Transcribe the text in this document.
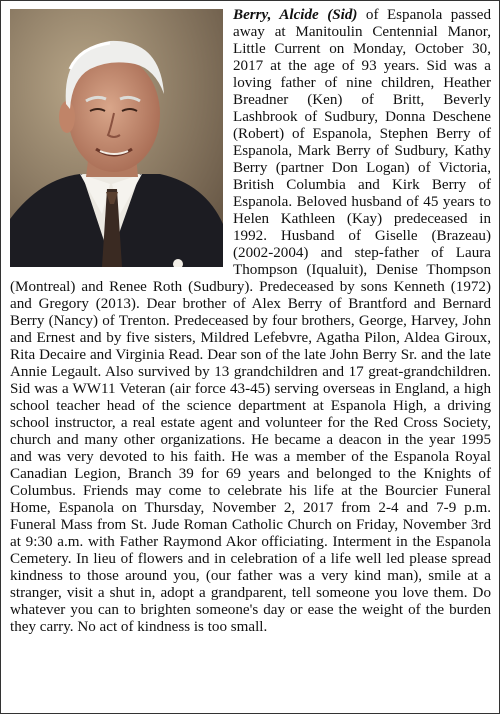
Berry, Alcide (Sid) of Espanola passed away at Manitoulin Centennial Manor, Little Current on Monday, October 30, 2017 at the age of 93 years. Sid was a loving father of nine children, Heather Breadner (Ken) of Britt, Beverly Lashbrook of Sudbury, Donna Deschene (Robert) of Espanola, Stephen Berry of Espanola, Mark Berry of Sudbury, Kathy Berry (partner Don Logan) of Victoria, British Columbia and Kirk Berry of Espanola. Beloved husband of 45 years to Helen Kathleen (Kay) predeceased in 1992. Husband of Giselle (Brazeau) (2002-2004) and step-father of Laura Thompson (Iqualuit), Denise Thompson (Montreal) and Renee Roth (Sudbury). Predeceased by sons Kenneth (1972) and Gregory (2013). Dear brother of Alex Berry of Brantford and Bernard Berry (Nancy) of Trenton. Predeceased by four brothers, George, Harvey, John and Ernest and by five sisters, Mildred Lefebvre, Agatha Pilon, Aldea Giroux, Rita Decaire and Virginia Read. Dear son of the late John Berry Sr. and the late Annie Legault. Also survived by 13 grandchildren and 17 great-grandchildren. Sid was a WW11 Veteran (air force 43-45) serving overseas in England, a high school teacher head of the science department at Espanola High, a driving school instructor, a real estate agent and volunteer for the Red Cross Society, church and many other organizations. He became a deacon in the year 1995 and was very devoted to his faith. He was a member of the Espanola Royal Canadian Legion, Branch 39 for 69 years and belonged to the Knights of Columbus. Friends may come to celebrate his life at the Bourcier Funeral Home, Espanola on Thursday, November 2, 2017 from 2-4 and 7-9 p.m. Funeral Mass from St. Jude Roman Catholic Church on Friday, November 3rd at 9:30 a.m. with Father Raymond Akor officiating. Interment in the Espanola Cemetery. In lieu of flowers and in celebration of a life well led please spread kindness to those around you, (our father was a very kind man), smile at a stranger, visit a shut in, adopt a grandparent, tell someone you love them. Do whatever you can to brighten someone's day or ease the weight of the burden they carry. No act of kindness is too small.
